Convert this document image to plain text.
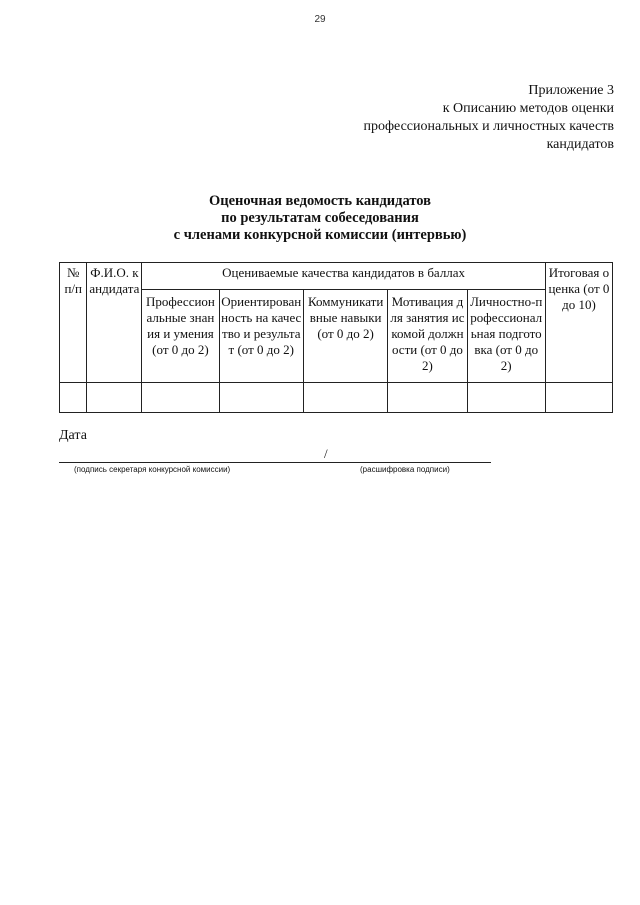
29
Приложение 3
к Описанию методов оценки
профессиональных и личностных качеств
кандидатов
Оценочная ведомость кандидатов
по результатам собеседования
с членами конкурсной комиссии (интервью)
№ п/п	Ф.И.О. кандидата	Оцениваемые качества кандидатов в баллах					Итоговая оценка (от 0 до 10)
		Профессиональные знания и умения (от 0 до 2)	Ориентированность на качество и результат (от 0 до 2)	Коммуникативные навыки (от 0 до 2)	Мотивация для занятия искомой должности (от 0 до 2)	Личностно-профессиональная подготовка (от 0 до 2)	

Дата
/
(подпись секретаря конкурсной комиссии)	(расшифровка подписи)
